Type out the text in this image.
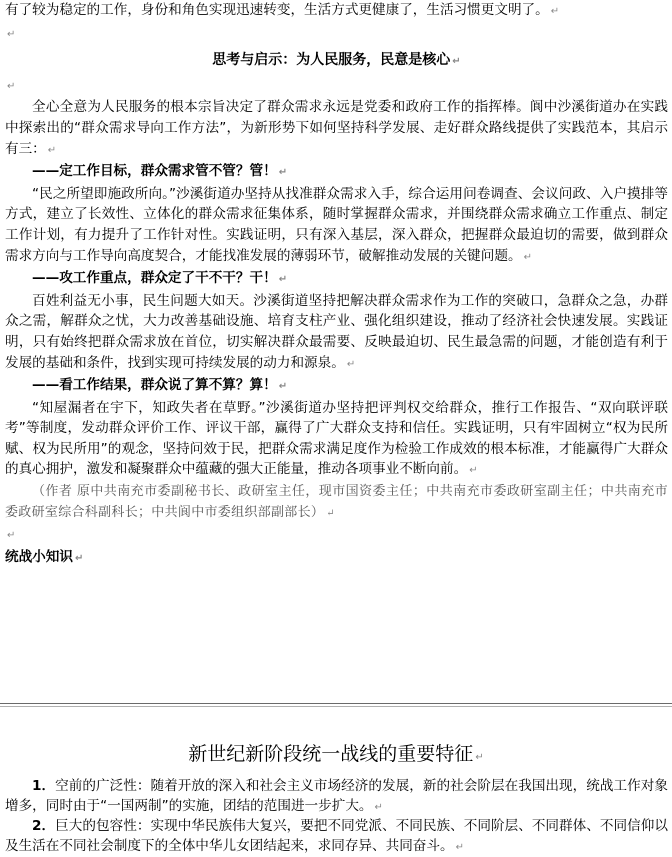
有了较为稳定的工作，身份和角色实现迅速转变，生活方式更健康了，生活习惯更文明了。 ↵

↵

思考与启示：为人民服务，民意是核心 ↵

↵

全心全意为人民服务的根本宗旨决定了群众需求永远是党委和政府工作的指挥棒。阆中沙溪街道办在实践中探索出的“群众需求导向工作方法”，为新形势下如何坚持科学发展、走好群众路线提供了实践范本，其启示有三： ↵

——定工作目标，群众需求管不管？管！ ↵

“民之所望即施政所向。”沙溪街道办坚持从找准群众需求入手，综合运用问卷调查、会议问政、入户摸排等方式，建立了长效性、立体化的群众需求征集体系，随时掌握群众需求，并围绕群众需求确立工作重点、制定工作计划，有力提升了工作针对性。实践证明，只有深入基层，深入群众，把握群众最迫切的需要，做到群众需求方向与工作导向高度契合，才能找准发展的薄弱环节，破解推动发展的关键问题。 ↵

——攻工作重点，群众定了干不干？干！ ↵

百姓利益无小事，民生问题大如天。沙溪街道坚持把解决群众需求作为工作的突破口，急群众之急，办群众之需，解群众之忧，大力改善基础设施、培育支柱产业、强化组织建设，推动了经济社会快速发展。实践证明，只有始终把群众需求放在首位，切实解决群众最需要、反映最迫切、民生最急需的问题，才能创造有利于发展的基础和条件，找到实现可持续发展的动力和源泉。 ↵

——看工作结果，群众说了算不算？算！ ↵

“知屋漏者在宇下，知政失者在草野。”沙溪街道办坚持把评判权交给群众，推行工作报告、“双向联评联考”等制度，发动群众评价工作、评议干部，赢得了广大群众支持和信任。实践证明，只有牢固树立“权为民所赋、权为民所用”的观念，坚持问效于民，把群众需求满足度作为检验工作成效的根本标准，才能赢得广大群众的真心拥护，激发和凝聚群众中蕴藏的强大正能量，推动各项事业不断向前。 ↵

（作者 原中共南充市委副秘书长、政研室主任，现市国资委主任；中共南充市委政研室副主任；中共南充市委政研室综合科副科长；中共阆中市委组织部副部长） ↵

↵

统战小知识 ↵

新世纪新阶段统一战线的重要特征 ↵

1．空前的广泛性：随着开放的深入和社会主义市场经济的发展，新的社会阶层在我国出现，统战工作对象增多，同时由于“一国两制”的实施，团结的范围进一步扩大。 ↵

2．巨大的包容性：实现中华民族伟大复兴，要把不同党派、不同民族、不同阶层、不同群体、不同信仰以及生活在不同社会制度下的全体中华儿女团结起来，求同存异、共同奋斗。 ↵
